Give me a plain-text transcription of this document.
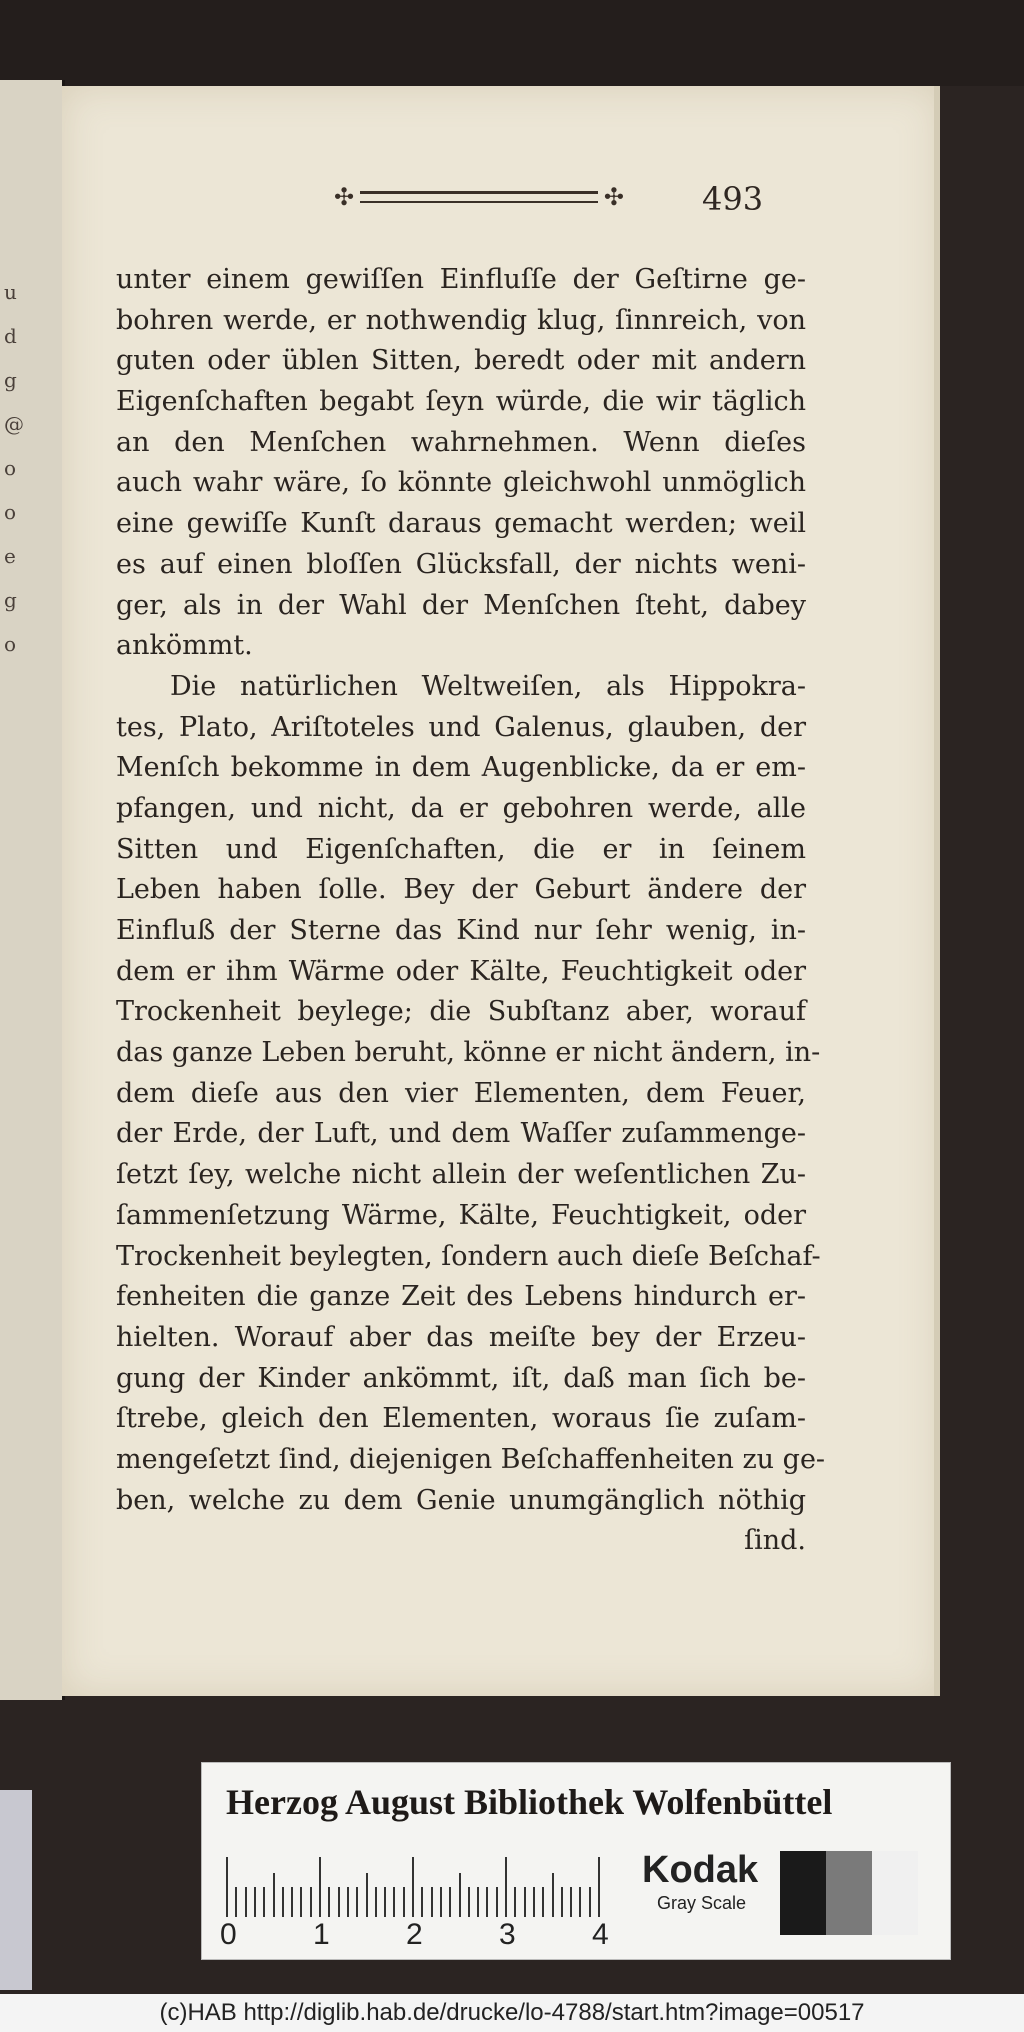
u
d
g
@
o
o
e
g
o
✣	✣ 493
unter einem gewiſſen Einfluſſe der Geſtirne ge-
bohren werde, er nothwendig klug, ſinnreich, von
guten oder üblen Sitten, beredt oder mit andern
Eigenſchaften begabt ſeyn würde, die wir täglich
an den Menſchen wahrnehmen. Wenn dieſes
auch wahr wäre, ſo könnte gleichwohl unmöglich
eine gewiſſe Kunſt daraus gemacht werden; weil
es auf einen bloſſen Glücksfall, der nichts weni-
ger, als in der Wahl der Menſchen ſteht, dabey
ankömmt.
Die natürlichen Weltweiſen, als Hippokra-
tes, Plato, Ariſtoteles und Galenus, glauben, der
Menſch bekomme in dem Augenblicke, da er em-
pfangen, und nicht, da er gebohren werde, alle
Sitten und Eigenſchaften, die er in ſeinem
Leben haben ſolle. Bey der Geburt ändere der
Einfluß der Sterne das Kind nur ſehr wenig, in-
dem er ihm Wärme oder Kälte, Feuchtigkeit oder
Trockenheit beylege; die Subſtanz aber, worauf
das ganze Leben beruht, könne er nicht ändern, in-
dem dieſe aus den vier Elementen, dem Feuer,
der Erde, der Luft, und dem Waſſer zuſammenge-
ſetzt ſey, welche nicht allein der weſentlichen Zu-
ſammenſetzung Wärme, Kälte, Feuchtigkeit, oder
Trockenheit beylegten, ſondern auch dieſe Beſchaf-
fenheiten die ganze Zeit des Lebens hindurch er-
hielten. Worauf aber das meiſte bey der Erzeu-
gung der Kinder ankömmt, iſt, daß man ſich be-
ſtrebe, gleich den Elementen, woraus ſie zuſam-
mengeſetzt ſind, diejenigen Beſchaffenheiten zu ge-
ben, welche zu dem Genie unumgänglich nöthig
ſind.
Herzog August Bibliothek Wolfenbüttel
0	1	2	3	4
Kodak
Gray Scale
(c)HAB http://diglib.hab.de/drucke/lo-4788/start.htm?image=00517
